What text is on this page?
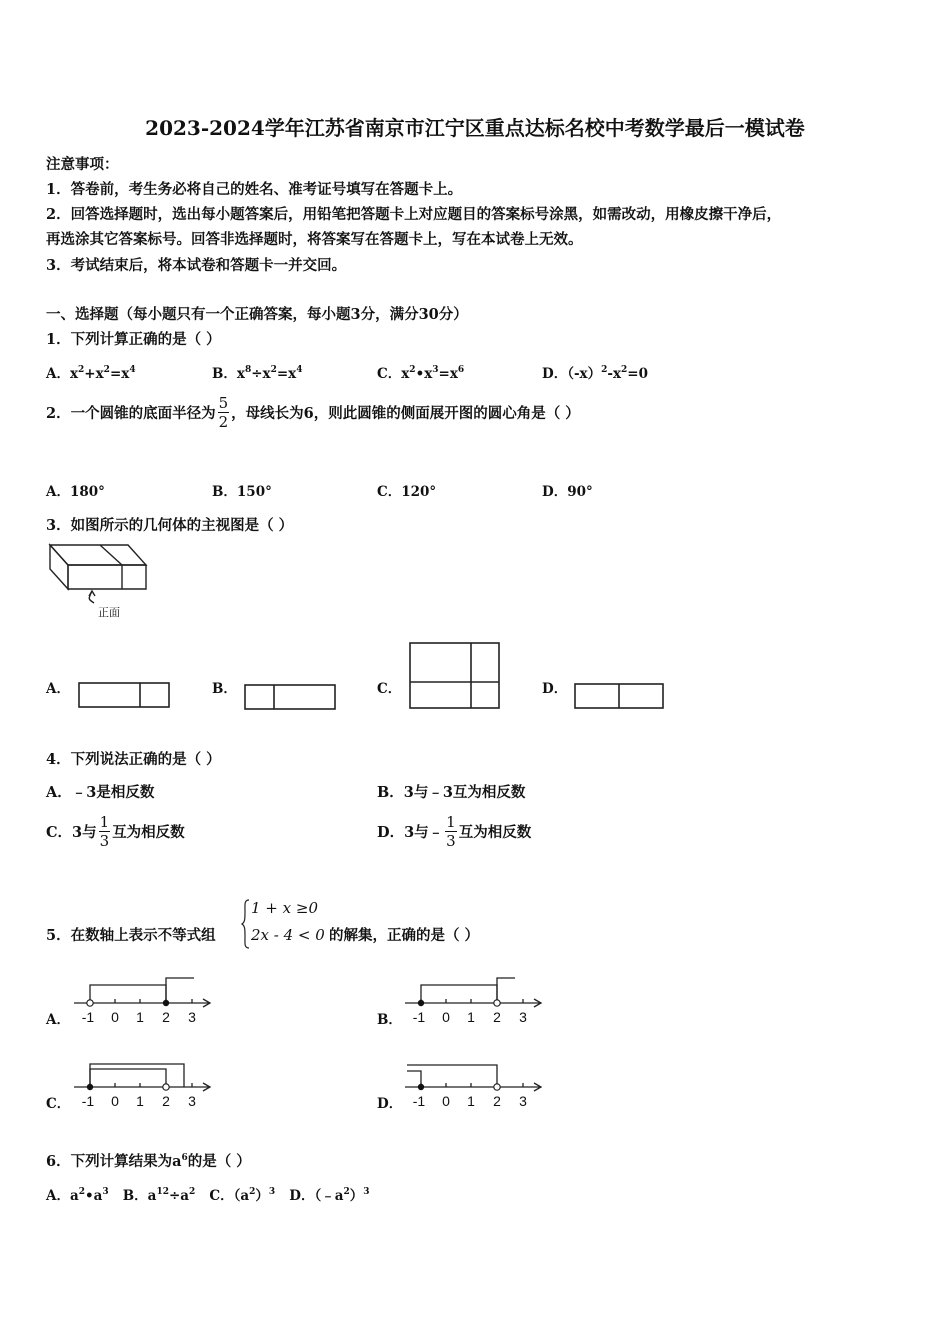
2023-2024学年江苏省南京市江宁区重点达标名校中考数学最后一模试卷
注意事项：
1．答卷前，考生务必将自己的姓名、准考证号填写在答题卡上。
2．回答选择题时，选出每小题答案后，用铅笔把答题卡上对应题目的答案标号涂黑，如需改动，用橡皮擦干净后，
再选涂其它答案标号。回答非选择题时，将答案写在答题卡上，写在本试卷上无效。
3．考试结束后，将本试卷和答题卡一并交回。
一、选择题（每小题只有一个正确答案，每小题3分，满分30分）
1．下列计算正确的是（ ）
A．$x^2+x^2=x^4$	B．$x^8\div x^2=x^4$	C．$x^2•x^3=x^6$	D．$(-x)^2-x^2=0$
2．一个圆锥的底面半径为 $\frac{5}{2}$ ，母线长为6，则此圆锥的侧面展开图的圆心角是（ ）
A．180°	B．150°	C．120°	D．90°
3．如图所示的几何体的主视图是（ ）
正面
A．	B．	C．	D．
4．下列说法正确的是（ ）
A．﹣3是相反数	B．3与﹣3互为相反数
C．3与 $\frac{1}{3}$ 互为相反数	D．3与﹣ $\frac{1}{3}$ 互为相反数
5．在数轴上表示不等式组
1 + x ≥0
2x - 4 < 0 的解集，正确的是（ ）
A． -1 0 1 2 3	B． -1 0 1 2 3
C． -1 0 1 2 3	D． -1 0 1 2 3
6．下列计算结果为$a^6$的是（ ）
A．$a^2•a^3$ B．$a^{12}\div a^2$ C．$(a^2)^3$ D．$(﹣a^2)^3$
